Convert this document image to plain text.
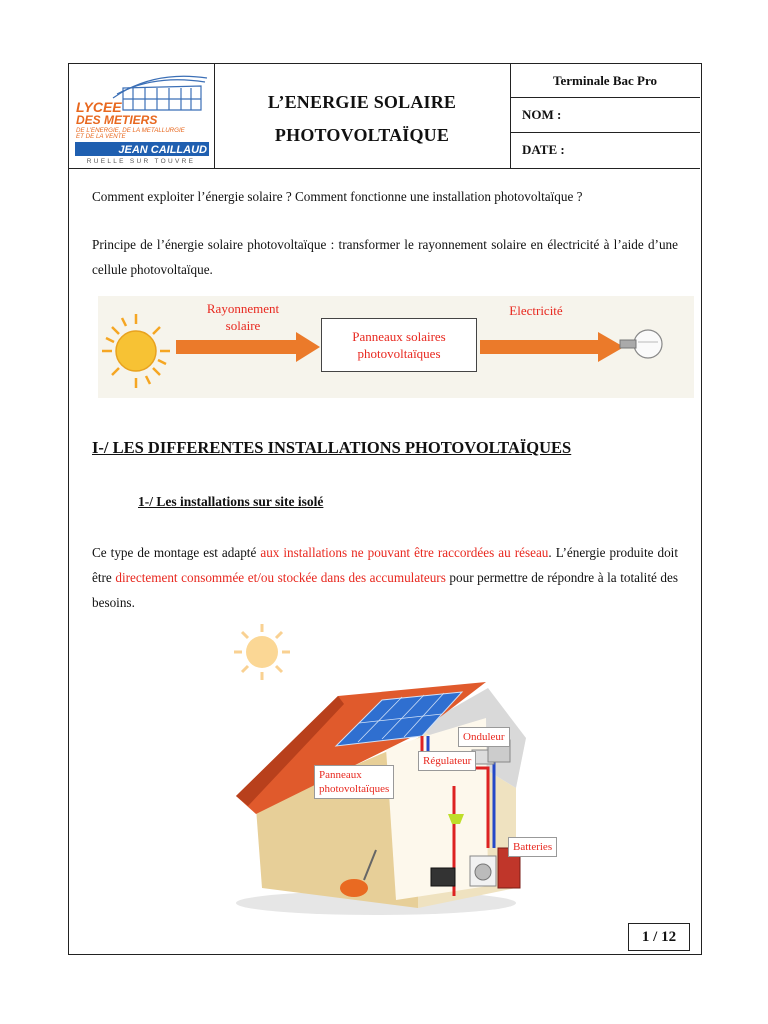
LYCEE
DES METIERS
DE L'ENERGIE, DE LA METALLURGIE
ET DE LA VENTE
JEAN CAILLAUD
RUELLE SUR TOUVRE
L’ENERGIE SOLAIRE
PHOTOVOLTAÏQUE
Terminale Bac Pro
NOM :
DATE :
Comment exploiter l’énergie solaire ? Comment fonctionne une installation photovoltaïque ?
Principe de l’énergie solaire photovoltaïque : transformer le rayonnement solaire en électricité à l’aide d’une cellule photovoltaïque.
Rayonnement
solaire
Panneaux solaires
photovoltaïques
Electricité
I-/ LES DIFFERENTES INSTALLATIONS PHOTOVOLTAÏQUES
1-/ Les installations sur site isolé
Ce type de montage est adapté aux installations ne pouvant être raccordées au réseau. L’énergie produite doit être directement consommée et/ou stockée dans des accumulateurs pour permettre de répondre à la totalité des besoins.
Onduleur
Régulateur
Panneaux
photovoltaïques
Batteries
1 / 12
